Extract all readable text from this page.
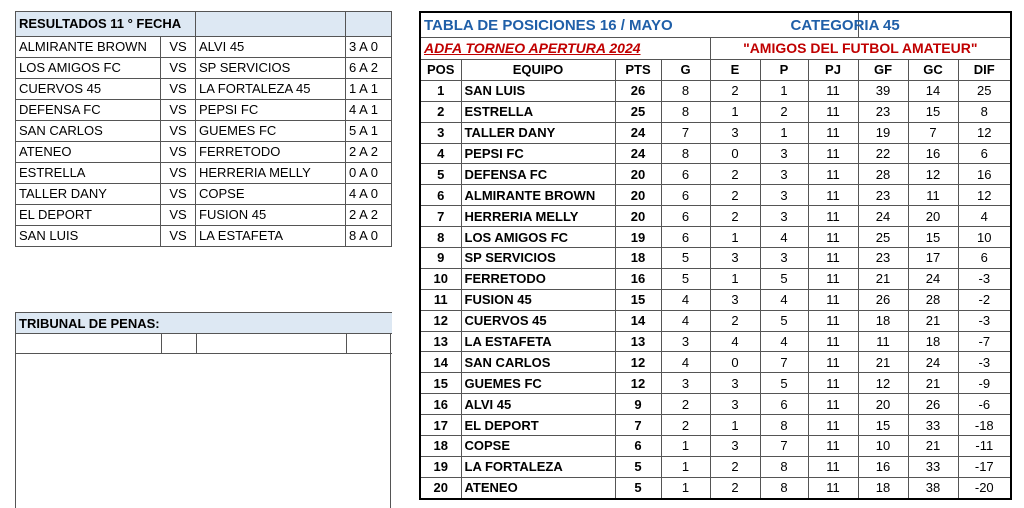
RESULTADOS 11 ° FECHA			
ALMIRANTE BROWN	VS	ALVI 45	3 A 0
LOS AMIGOS FC	VS	SP SERVICIOS	6 A 2
CUERVOS 45	VS	LA FORTALEZA 45	1 A 1
DEFENSA FC	VS	PEPSI FC	4 A 1
SAN CARLOS	VS	GUEMES FC	5 A 1
ATENEO	VS	FERRETODO	2 A 2
ESTRELLA	VS	HERRERIA MELLY	0 A 0
TALLER DANY	VS	COPSE	4 A 0
EL DEPORT	VS	FUSION 45	2 A 2
SAN LUIS	VS	LA ESTAFETA	8 A 0
TRIBUNAL DE PENAS:

TABLA DE POSICIONES 16 / MAYO							CATEGORIA 45		
ADFA TORNEO APERTURA 2024				"AMIGOS DEL FUTBOL AMATEUR"					
POS	EQUIPO	PTS	G	E	P	PJ	GF	GC	DIF
1	SAN LUIS	26	8	2	1	11	39	14	25
2	ESTRELLA	25	8	1	2	11	23	15	8
3	TALLER DANY	24	7	3	1	11	19	7	12
4	PEPSI FC	24	8	0	3	11	22	16	6
5	DEFENSA FC	20	6	2	3	11	28	12	16
6	ALMIRANTE BROWN	20	6	2	3	11	23	11	12
7	HERRERIA MELLY	20	6	2	3	11	24	20	4
8	LOS AMIGOS FC	19	6	1	4	11	25	15	10
9	SP SERVICIOS	18	5	3	3	11	23	17	6
10	FERRETODO	16	5	1	5	11	21	24	-3
11	FUSION 45	15	4	3	4	11	26	28	-2
12	CUERVOS 45	14	4	2	5	11	18	21	-3
13	LA ESTAFETA	13	3	4	4	11	11	18	-7
14	SAN CARLOS	12	4	0	7	11	21	24	-3
15	GUEMES FC	12	3	3	5	11	12	21	-9
16	ALVI 45	9	2	3	6	11	20	26	-6
17	EL DEPORT	7	2	1	8	11	15	33	-18
18	COPSE	6	1	3	7	11	10	21	-11
19	LA FORTALEZA	5	1	2	8	11	16	33	-17
20	ATENEO	5	1	2	8	11	18	38	-20
